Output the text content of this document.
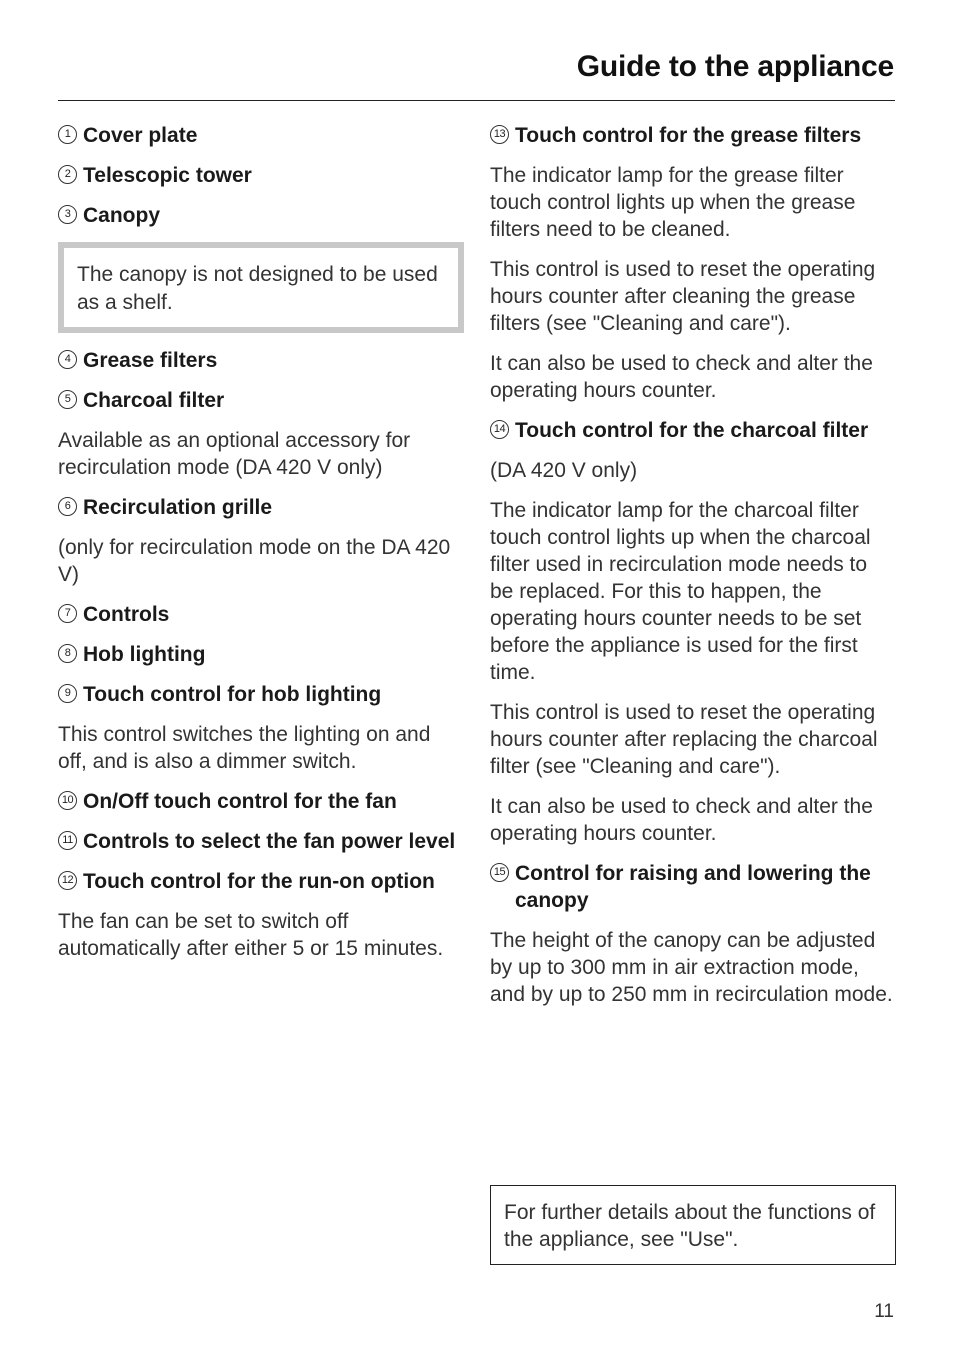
Guide to the appliance
1 Cover plate
2 Telescopic tower
3 Canopy
The canopy is not designed to be used as a shelf.
4 Grease filters
5 Charcoal filter

Available as an optional accessory for recirculation mode (DA 420 V only)

6 Recirculation grille

(only for recirculation mode on the DA 420 V)

7 Controls
8 Hob lighting
9 Touch control for hob lighting

This control switches the lighting on and off, and is also a dimmer switch.

10 On/Off touch control for the fan
11 Controls to select the fan power level
12 Touch control for the run-on option

The fan can be set to switch off automatically after either 5 or 15 minutes.

13 Touch control for the grease filters

The indicator lamp for the grease filter touch control lights up when the grease filters need to be cleaned.

This control is used to reset the operating hours counter after cleaning the grease filters (see "Cleaning and care").

It can also be used to check and alter the operating hours counter.

14 Touch control for the charcoal filter

(DA 420 V only)

The indicator lamp for the charcoal filter touch control lights up when the charcoal filter used in recirculation mode needs to be replaced. For this to happen, the operating hours counter needs to be set before the appliance is used for the first time.

This control is used to reset the operating hours counter after replacing the charcoal filter (see "Cleaning and care").

It can also be used to check and alter the operating hours counter.

15 Control for raising and lowering the canopy

The height of the canopy can be adjusted by up to 300 mm in air extraction mode, and by up to 250 mm in recirculation mode.

For further details about the functions of the appliance, see "Use".
11
